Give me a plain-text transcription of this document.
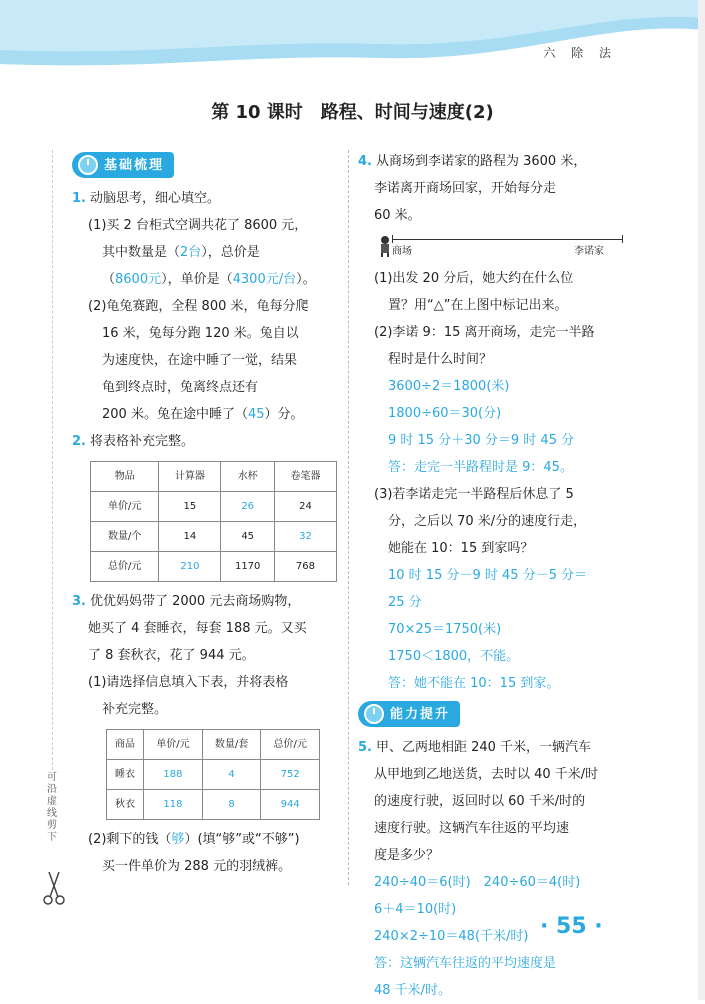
六 除 法
第 10 课时　路程、时间与速度(2)
可沿虚线剪下
基础梳理
1. 动脑思考，细心填空。
(1)买 2 台柜式空调共花了 8600 元，
其中数量是（2台），总价是
（8600元），单价是（4300元/台）。
(2)龟兔赛跑，全程 800 米，龟每分爬
16 米，兔每分跑 120 米。兔自以
为速度快，在途中睡了一觉，结果
龟到终点时，兔离终点还有
200 米。兔在途中睡了（45）分。
2. 将表格补充完整。
物品	计算器	水杯	卷笔器
单价/元	15	26	24
数量/个	14	45	32
总价/元	210	1170	768
3. 优优妈妈带了 2000 元去商场购物，
她买了 4 套睡衣，每套 188 元。又买
了 8 套秋衣，花了 944 元。
(1)请选择信息填入下表，并将表格
补充完整。
商品	单价/元	数量/套	总价/元
睡衣	188	4	752
秋衣	118	8	944
(2)剩下的钱（够）(填“够”或“不够”)
买一件单价为 288 元的羽绒裤。
4. 从商场到李诺家的路程为 3600 米，
李诺离开商场回家，开始每分走
60 米。
商场	李诺家
(1)出发 20 分后，她大约在什么位
置？用“△”在上图中标记出来。
(2)李诺 9：15 离开商场，走完一半路
程时是什么时间？
3600÷2＝1800(米)
1800÷60＝30(分)
9 时 15 分＋30 分＝9 时 45 分
答：走完一半路程时是 9：45。
(3)若李诺走完一半路程后休息了 5
分，之后以 70 米/分的速度行走，
她能在 10：15 到家吗？
10 时 15 分－9 时 45 分－5 分＝
25 分
70×25＝1750(米)
1750＜1800，不能。
答：她不能在 10：15 到家。
能力提升
5. 甲、乙两地相距 240 千米，一辆汽车
从甲地到乙地送货，去时以 40 千米/时
的速度行驶，返回时以 60 千米/时的
速度行驶。这辆汽车往返的平均速
度是多少？
240÷40＝6(时)　240÷60＝4(时)
6＋4＝10(时)
240×2÷10＝48(千米/时)
答：这辆汽车往返的平均速度是
48 千米/时。
· 55 ·
